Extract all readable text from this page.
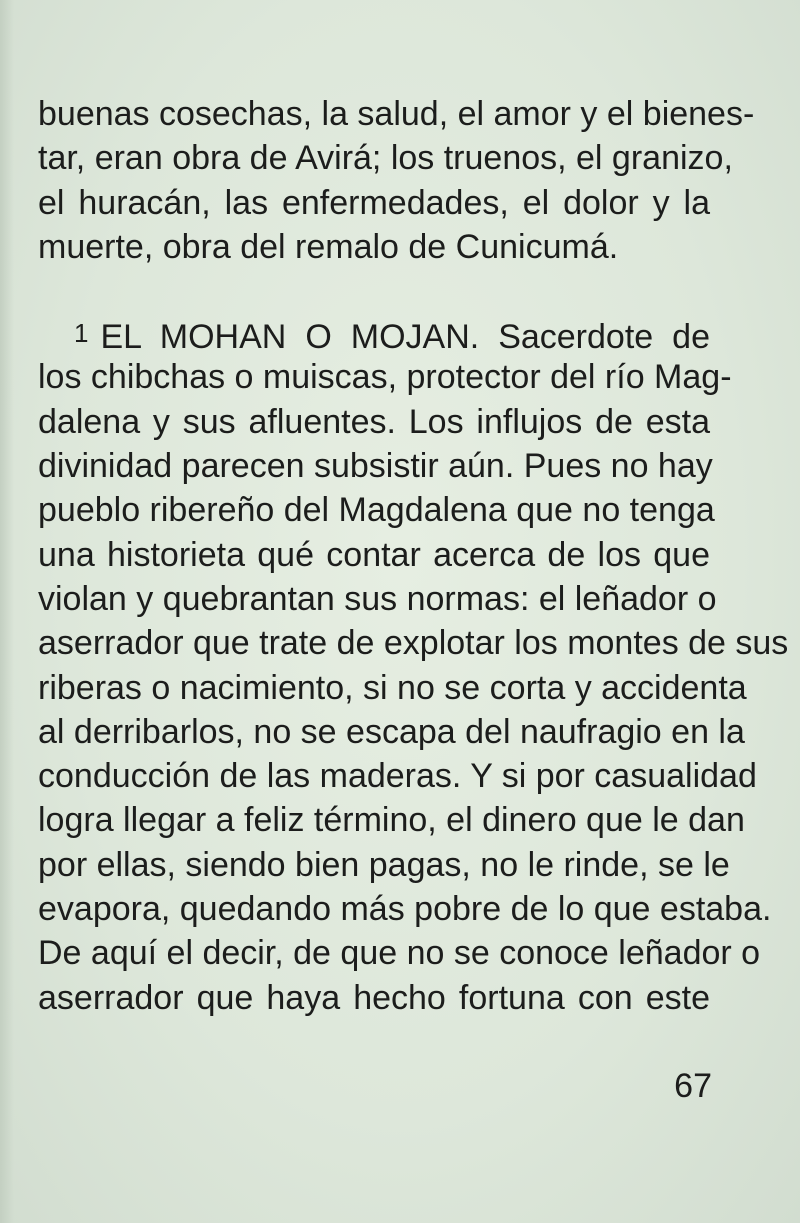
buenas cosechas, la salud, el amor y el bienes-
tar, eran obra de Avirá; los truenos, el granizo,
el huracán, las enfermedades, el dolor y la
muerte, obra del remalo de Cunicumá.
1 EL MOHAN O MOJAN. Sacerdote de
los chibchas o muiscas, protector del río Mag-
dalena y sus afluentes. Los influjos de esta
divinidad parecen subsistir aún. Pues no hay
pueblo ribereño del Magdalena que no tenga
una historieta qué contar acerca de los que
violan y quebrantan sus normas: el leñador o
aserrador que trate de explotar los montes de sus
riberas o nacimiento, si no se corta y accidenta
al derribarlos, no se escapa del naufragio en la
conducción de las maderas. Y si por casualidad
logra llegar a feliz término, el dinero que le dan
por ellas, siendo bien pagas, no le rinde, se le
evapora, quedando más pobre de lo que estaba.
De aquí el decir, de que no se conoce leñador o
aserrador que haya hecho fortuna con este
67
